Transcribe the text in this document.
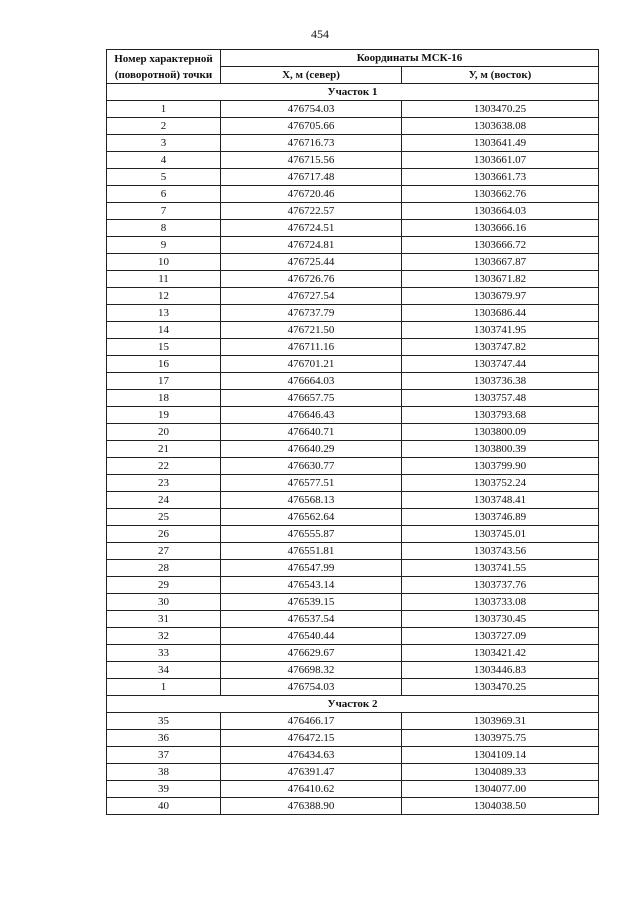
454
Номер характерной (поворотной) точки	Координаты МСК-16	
	Х, м (север)	У, м (восток)
Участок 1		
1	476754.03	1303470.25
2	476705.66	1303638.08
3	476716.73	1303641.49
4	476715.56	1303661.07
5	476717.48	1303661.73
6	476720.46	1303662.76
7	476722.57	1303664.03
8	476724.51	1303666.16
9	476724.81	1303666.72
10	476725.44	1303667.87
11	476726.76	1303671.82
12	476727.54	1303679.97
13	476737.79	1303686.44
14	476721.50	1303741.95
15	476711.16	1303747.82
16	476701.21	1303747.44
17	476664.03	1303736.38
18	476657.75	1303757.48
19	476646.43	1303793.68
20	476640.71	1303800.09
21	476640.29	1303800.39
22	476630.77	1303799.90
23	476577.51	1303752.24
24	476568.13	1303748.41
25	476562.64	1303746.89
26	476555.87	1303745.01
27	476551.81	1303743.56
28	476547.99	1303741.55
29	476543.14	1303737.76
30	476539.15	1303733.08
31	476537.54	1303730.45
32	476540.44	1303727.09
33	476629.67	1303421.42
34	476698.32	1303446.83
1	476754.03	1303470.25
Участок 2		
35	476466.17	1303969.31
36	476472.15	1303975.75
37	476434.63	1304109.14
38	476391.47	1304089.33
39	476410.62	1304077.00
40	476388.90	1304038.50
